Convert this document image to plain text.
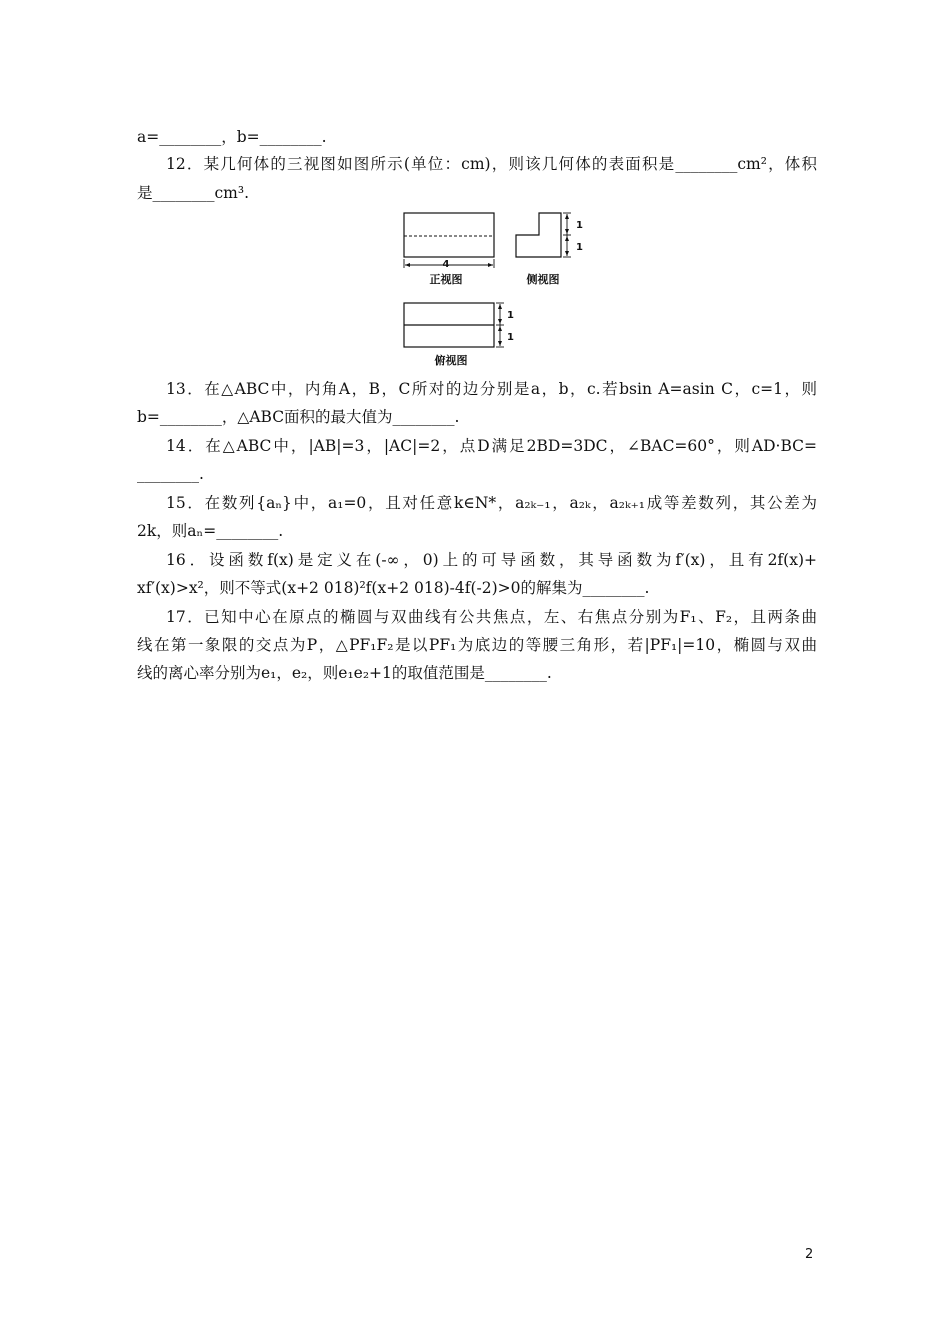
a=________，b=________.
12．某几何体的三视图如图所示(单位：cm)，则该几何体的表面积是________cm²，体积
是________cm³.
4
正视图
1
1
侧视图
1
1
俯视图
13．在△ABC中，内角A，B，C所对的边分别是a，b，c.若bsin A=asin C，c=1，则
b=________，△ABC面积的最大值为________.
14．在△ABC中，|AB|=3，|AC|=2，点D满足2BD=3DC，∠BAC=60°，则AD·BC=
________.
15．在数列{aₙ}中，a₁=0，且对任意k∈N*，a₂ₖ₋₁，a₂ₖ，a₂ₖ₊₁成等差数列，其公差为
2k，则aₙ=________.
16．设函数f(x)是定义在(-∞，0)上的可导函数，其导函数为f′(x)，且有2f(x)+
xf′(x)>x²，则不等式(x+2 018)²f(x+2 018)-4f(-2)>0的解集为________.
17．已知中心在原点的椭圆与双曲线有公共焦点，左、右焦点分别为F₁、F₂，且两条曲
线在第一象限的交点为P，△PF₁F₂是以PF₁为底边的等腰三角形，若|PF₁|=10，椭圆与双曲
线的离心率分别为e₁，e₂，则e₁e₂+1的取值范围是________.
2
